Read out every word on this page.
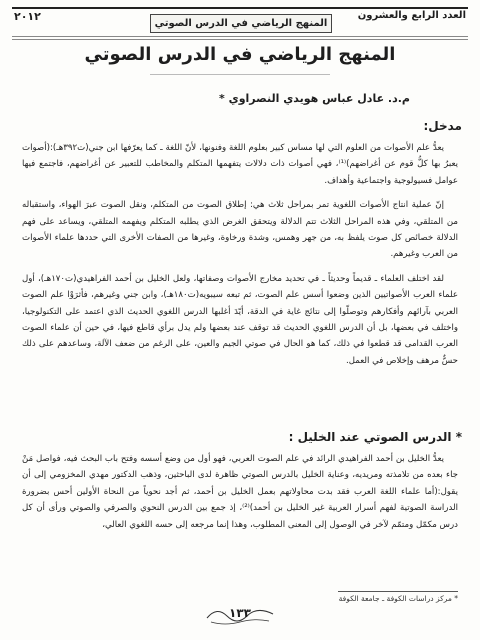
العدد الرابع والعشرون
٢٠١٢
المنهج الرياضي في الدرس الصوتي
المنهج الرياضي في الدرس الصوتي
م.د. عادل عباس هويدي النصراوي *
مدخل:

يعدُّ علم الأصوات من العلوم التي لها مساس كبير بعلوم اللغة وفنونها، لأنّ اللغة ـ كما يعرّفها ابن جني(ت٣٩٢هـ):(أصوات يعبرُ بها كلُّ قوم عن أغراضهم)⁽¹⁾، فهي أصوات ذات دلالات يتفهمها المتكلم والمخاطب للتعبير عن أغراضهم، فاجتمع فيها عوامل فسيولوجية واجتماعية وأهداف.

إنّ عملية انتاج الأصوات اللغوية تمر بمراحل ثلاث هي: إطلاق الصوت من المتكلم، ونقل الصوت عبرَ الهواء، واستقباله من المتلقي، وفي هذه المراحل الثلاث تتم الدلالة ويتحقق الغرض الذي يطلبه المتكلم ويفهمه المتلقي، ويساعد على فهم الدلالة خصائص كل صوت يلفظ به، من جهر وهمس، وشدة ورخاوة، وغيرها من الصفات الأخرى التي حددها علماء الأصوات من العرب وغيرهم.

لقد اختلف العلماء ـ قديماً وحديثاً ـ في تحديد مخارج الأصوات وصفاتها، ولعل الخليل بن أحمد الفراهيدي(ت١٧٠هـ)، أول علماء العرب الأصواتيين الذين وضعوا أسس علم الصوت، ثم تبعه سيبويه(ت١٨٠هـ)، وابن جني وغيرهم، فأثرَوْا علم الصوت العربي بآرائهم وأفكارهم وتوصلّوا إلى نتائج غاية في الدقة، أيّدَ أغلبها الدرس اللغوي الحديث الذي اعتمد على التكنولوجيا، واختلف في بعضها، بل أن الدرس اللغوي الحديث قد توقف عند بعضها ولم يدل برأي قاطع فيها، في حين أن علماء الصوت العرب القدامى قد قطعوا في ذلك، كما هو الحال في صوتي الجيم والعين، على الرغم من ضعف الآلة، وساعدهم على ذلك حسٌّ مرهف وإخلاص في العمل.

* الدرس الصوتي عند الخليل :

يعدُّ الخليل بن أحمد الفراهيدي الرائد في علم الصوت العربي، فهو أول من وضع أسسه وفتح باب البحث فيه، فواصل مَنْ جاء بعده من تلامذته ومريديه، وعناية الخليل بالدرس الصوتي ظاهرة لدى الباحثين، وذهب الدكتور مهدي المخزومي إلى أن يقول:(أما علماء اللغة العرب فقد بدت محاولاتهم بعمل الخليل بن أحمد، ثم أجد نحوياً من النحاة الأولين أحس بضرورة الدراسة الصوتية لفهم أسرار العربية غير الخليل بن أحمد)⁽²⁾، إذ جمع بين الدرس النحوي والصرفي والصوتي ورأى أن كل درس مكمّل ومتمّم لآخر في الوصول إلى المعنى المطلوب، وهذا إنما مرجعه إلى حسه اللغوي العالي،

* مركز دراسات الكوفة ـ جامعة الكوفة
١٣٣
